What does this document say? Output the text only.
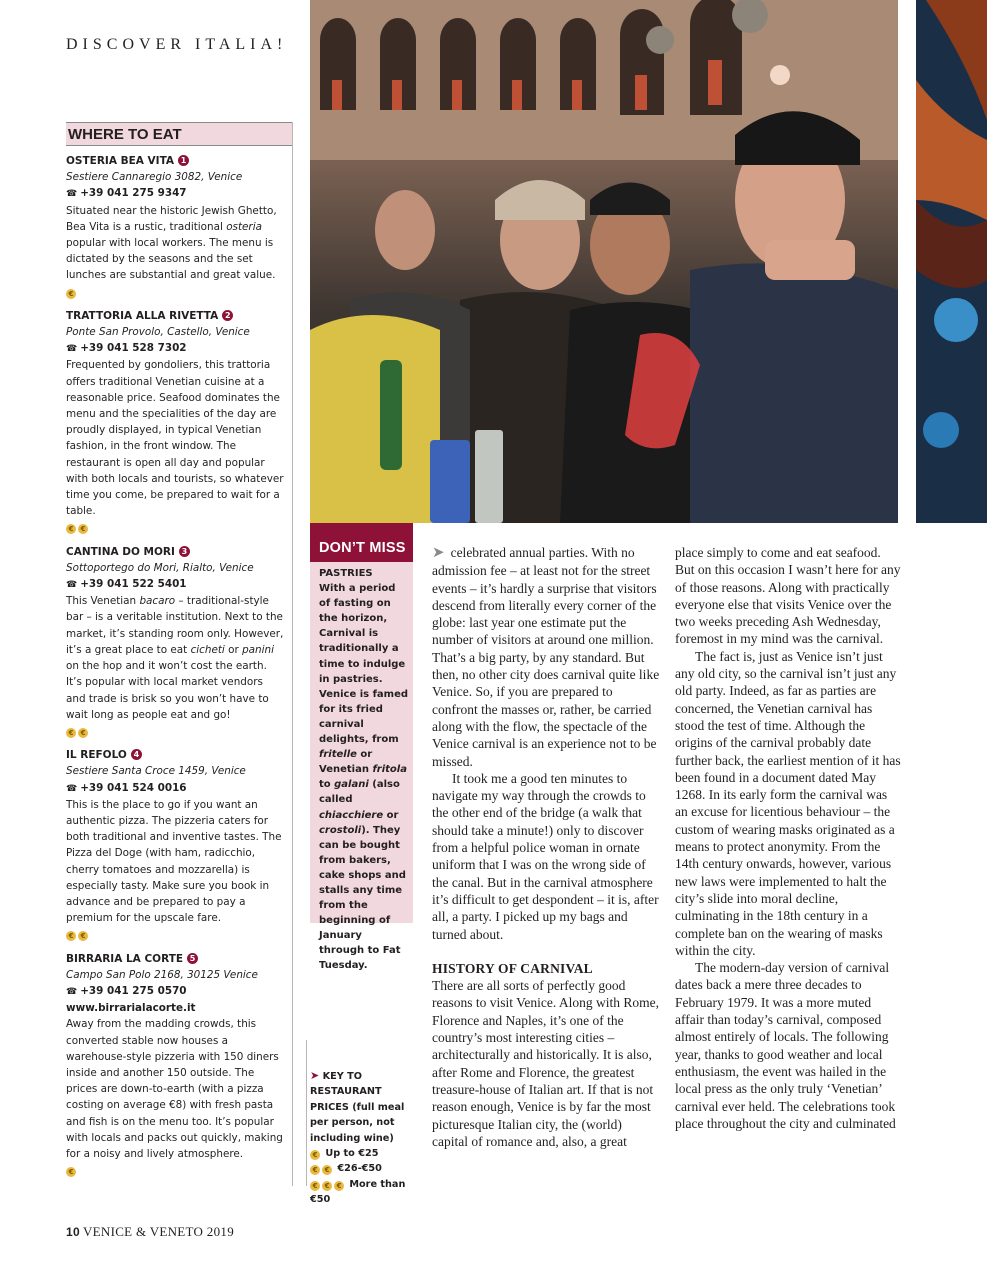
DISCOVER ITALIA!
WHERE TO EAT
OSTERIA BEA VITA 1
Sestiere Cannaregio 3082, Venice
☎ +39 041 275 9347
Situated near the historic Jewish Ghetto, Bea Vita is a rustic, traditional osteria popular with local workers. The menu is dictated by the seasons and the set lunches are substantial and great value.
€
TRATTORIA ALLA RIVETTA 2
Ponte San Provolo, Castello, Venice
☎ +39 041 528 7302
Frequented by gondoliers, this trattoria offers traditional Venetian cuisine at a reasonable price. Seafood dominates the menu and the specialities of the day are proudly displayed, in typical Venetian fashion, in the front window. The restaurant is open all day and popular with both locals and tourists, so whatever time you come, be prepared to wait for a table.
€ €
CANTINA DO MORI 3
Sottoportego do Mori, Rialto, Venice
☎ +39 041 522 5401
This Venetian bacaro – traditional-style bar – is a veritable institution. Next to the market, it’s standing room only. However, it’s a great place to eat cicheti or panini on the hop and it won’t cost the earth. It’s popular with local market vendors and trade is brisk so you won’t have to wait long as people eat and go!
€ €
IL REFOLO 4
Sestiere Santa Croce 1459, Venice
☎ +39 041 524 0016
This is the place to go if you want an authentic pizza. The pizzeria caters for both traditional and inventive tastes. The Pizza del Doge (with ham, radicchio, cherry tomatoes and mozzarella) is especially tasty. Make sure you book in advance and be prepared to pay a premium for the upscale fare.
€ €
BIRRARIA LA CORTE 5
Campo San Polo 2168, 30125 Venice
☎ +39 041 275 0570
www.birrarialacorte.it
Away from the madding crowds, this converted stable now houses a warehouse-style pizzeria with 150 diners inside and another 150 outside. The prices are down-to-earth (with a pizza costing on average €8) with fresh pasta and fish is on the menu too. It’s popular with locals and packs out quickly, making for a noisy and lively atmosphere.
€
DON’T MISS
PASTRIES
With a period of fasting on the horizon, Carnival is traditionally a time to indulge in pastries. Venice is famed for its fried carnival delights, from fritelle or Venetian fritola to galani (also called chiacchiere or crostoli). They can be bought from bakers, cake shops and stalls any time from the beginning of January through to Fat Tuesday.
➤ KEY TO RESTAURANT PRICES (full meal per person, not including wine)
€ Up to €25
€ € €26-€50
€ € € More than €50

➤ celebrated annual parties. With no admission fee – at least not for the street events – it’s hardly a surprise that visitors descend from literally every corner of the globe: last year one estimate put the number of visitors at around one million. That’s a big party, by any standard. But then, no other city does carnival quite like Venice. So, if you are prepared to confront the masses or, rather, be carried along with the flow, the spectacle of the Venice carnival is an experience not to be missed.

It took me a good ten minutes to navigate my way through the crowds to the other end of the bridge (a walk that should take a minute!) only to discover from a helpful police woman in ornate uniform that I was on the wrong side of the canal. But in the carnival atmosphere it’s difficult to get despondent – it is, after all, a party. I picked up my bags and turned about.

HISTORY OF CARNIVAL

There are all sorts of perfectly good reasons to visit Venice. Along with Rome, Florence and Naples, it’s one of the country’s most interesting cities – architecturally and historically. It is also, after Rome and Florence, the greatest treasure-house of Italian art. If that is not reason enough, Venice is by far the most picturesque Italian city, the (world) capital of romance and, also, a great

place simply to come and eat seafood. But on this occasion I wasn’t here for any of those reasons. Along with practically everyone else that visits Venice over the two weeks preceding Ash Wednesday, foremost in my mind was the carnival.

The fact is, just as Venice isn’t just any old city, so the carnival isn’t just any old party. Indeed, as far as parties are concerned, the Venetian carnival has stood the test of time. Although the origins of the carnival probably date further back, the earliest mention of it has been found in a document dated May 1268. In its early form the carnival was an excuse for licentious behaviour – the custom of wearing masks originated as a means to protect anonymity. From the 14th century onwards, however, various new laws were implemented to halt the city’s slide into moral decline, culminating in the 18th century in a complete ban on the wearing of masks within the city.

The modern-day version of carnival dates back a mere three decades to February 1979. It was a more muted affair than today’s carnival, composed almost entirely of locals. The following year, thanks to good weather and local enthusiasm, the event was hailed in the local press as the only truly ‘Venetian’ carnival ever held. The celebrations took place throughout the city and culminated

10 VENICE & VENETO 2019
